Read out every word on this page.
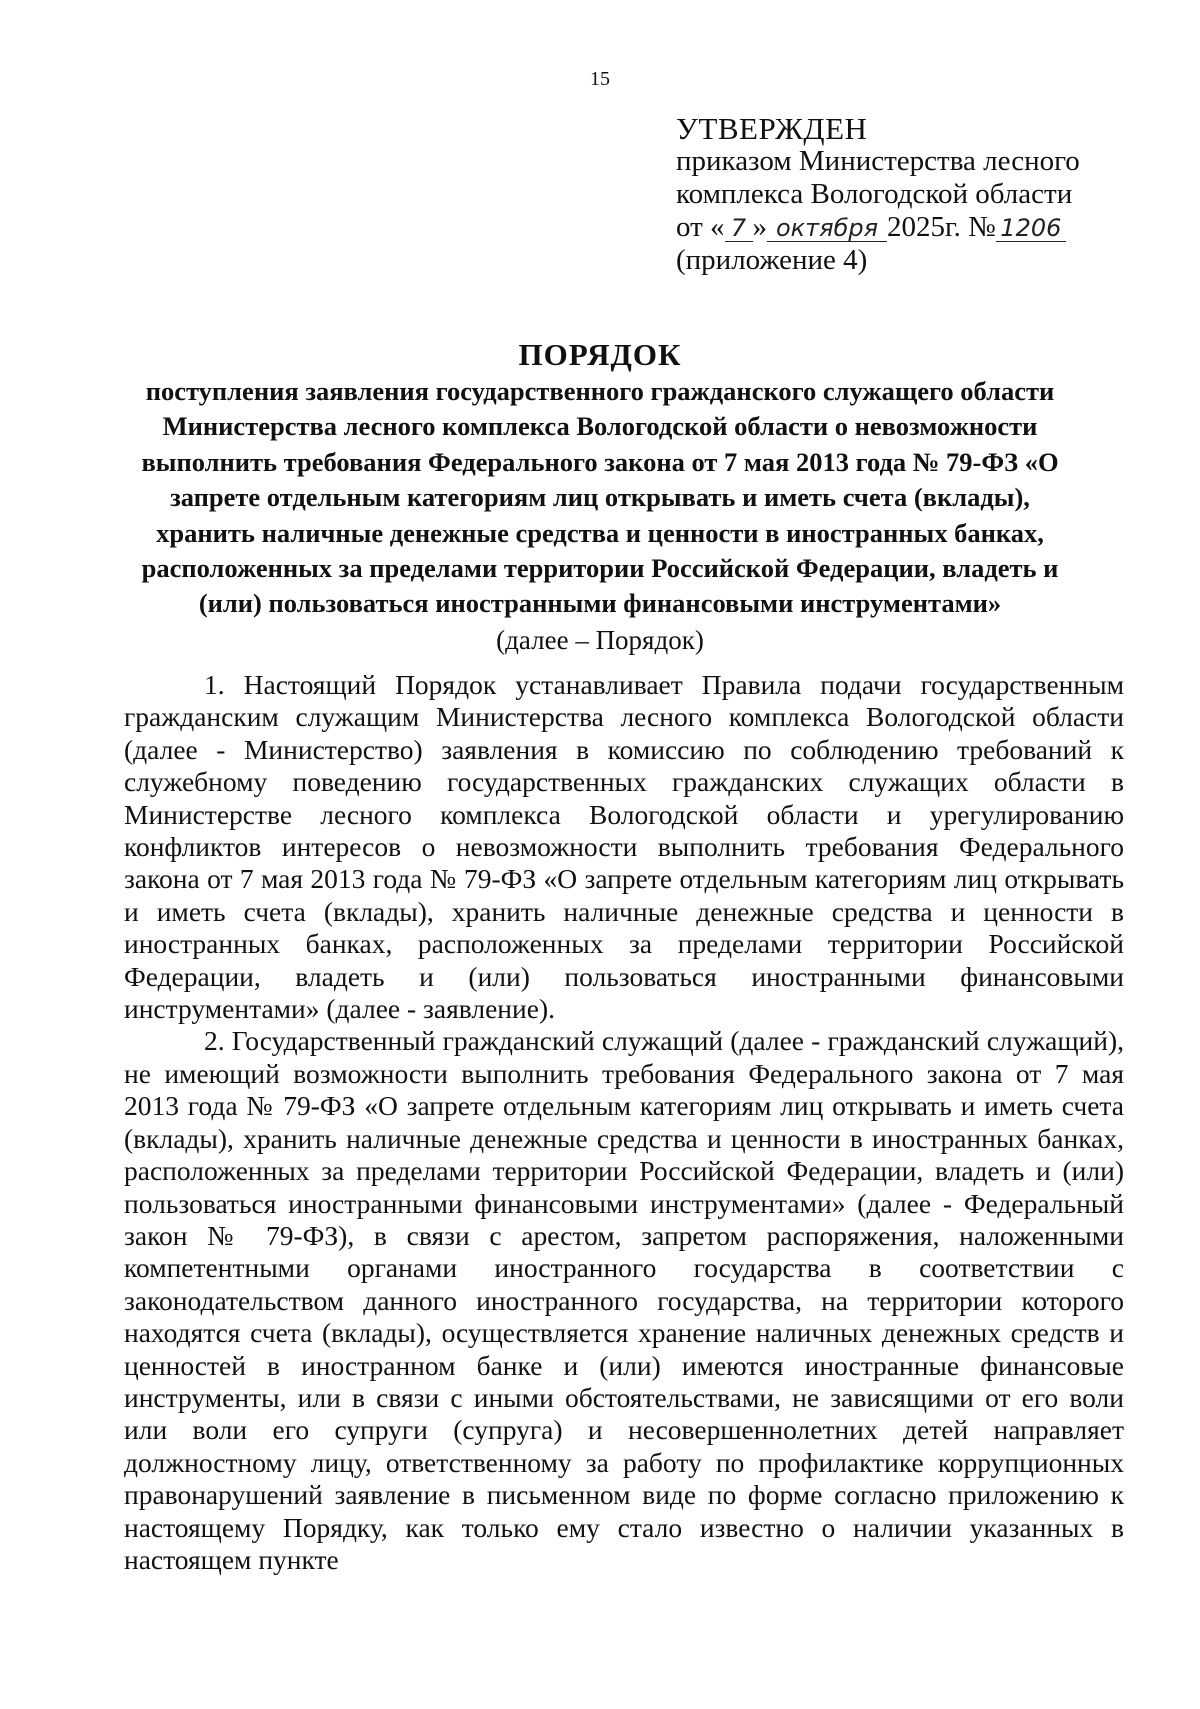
15
УТВЕРЖДЕН
приказом Министерства лесного
комплекса Вологодской области
от « 7 » октября 2025г. № 1206
(приложение 4)
ПОРЯДОК

поступления заявления государственного гражданского служащего области Министерства лесного комплекса Вологодской области о невозможности выполнить требования Федерального закона от 7 мая 2013 года № 79-ФЗ «О запрете отдельным категориям лиц открывать и иметь счета (вклады), хранить наличные денежные средства и ценности в иностранных банках, расположенных за пределами территории Российской Федерации, владеть и (или) пользоваться иностранными финансовыми инструментами»

(далее – Порядок)

1. Настоящий Порядок устанавливает Правила подачи государственным гражданским служащим Министерства лесного комплекса Вологодской области (далее - Министерство) заявления в комиссию по соблюдению требований к служебному поведению государственных гражданских служащих области в Министерстве лесного комплекса Вологодской области и урегулированию конфликтов интересов о невозможности выполнить требования Федерального закона от 7 мая 2013 года № 79-ФЗ «О запрете отдельным категориям лиц открывать и иметь счета (вклады), хранить наличные денежные средства и ценности в иностранных банках, расположенных за пределами территории Российской Федерации, владеть и (или) пользоваться иностранными финансовыми инструментами» (далее - заявление).

2. Государственный гражданский служащий (далее - гражданский служащий), не имеющий возможности выполнить требования Федерального закона от 7 мая 2013 года № 79-ФЗ «О запрете отдельным категориям лиц открывать и иметь счета (вклады), хранить наличные денежные средства и ценности в иностранных банках, расположенных за пределами территории Российской Федерации, владеть и (или) пользоваться иностранными финансовыми инструментами» (далее - Федеральный закон № 79-ФЗ), в связи с арестом, запретом распоряжения, наложенными компетентными органами иностранного государства в соответствии с законодательством данного иностранного государства, на территории которого находятся счета (вклады), осуществляется хранение наличных денежных средств и ценностей в иностранном банке и (или) имеются иностранные финансовые инструменты, или в связи с иными обстоятельствами, не зависящими от его воли или воли его супруги (супруга) и несовершеннолетних детей направляет должностному лицу, ответственному за работу по профилактике коррупционных правонарушений заявление в письменном виде по форме согласно приложению к настоящему Порядку, как только ему стало известно о наличии указанных в настоящем пункте
